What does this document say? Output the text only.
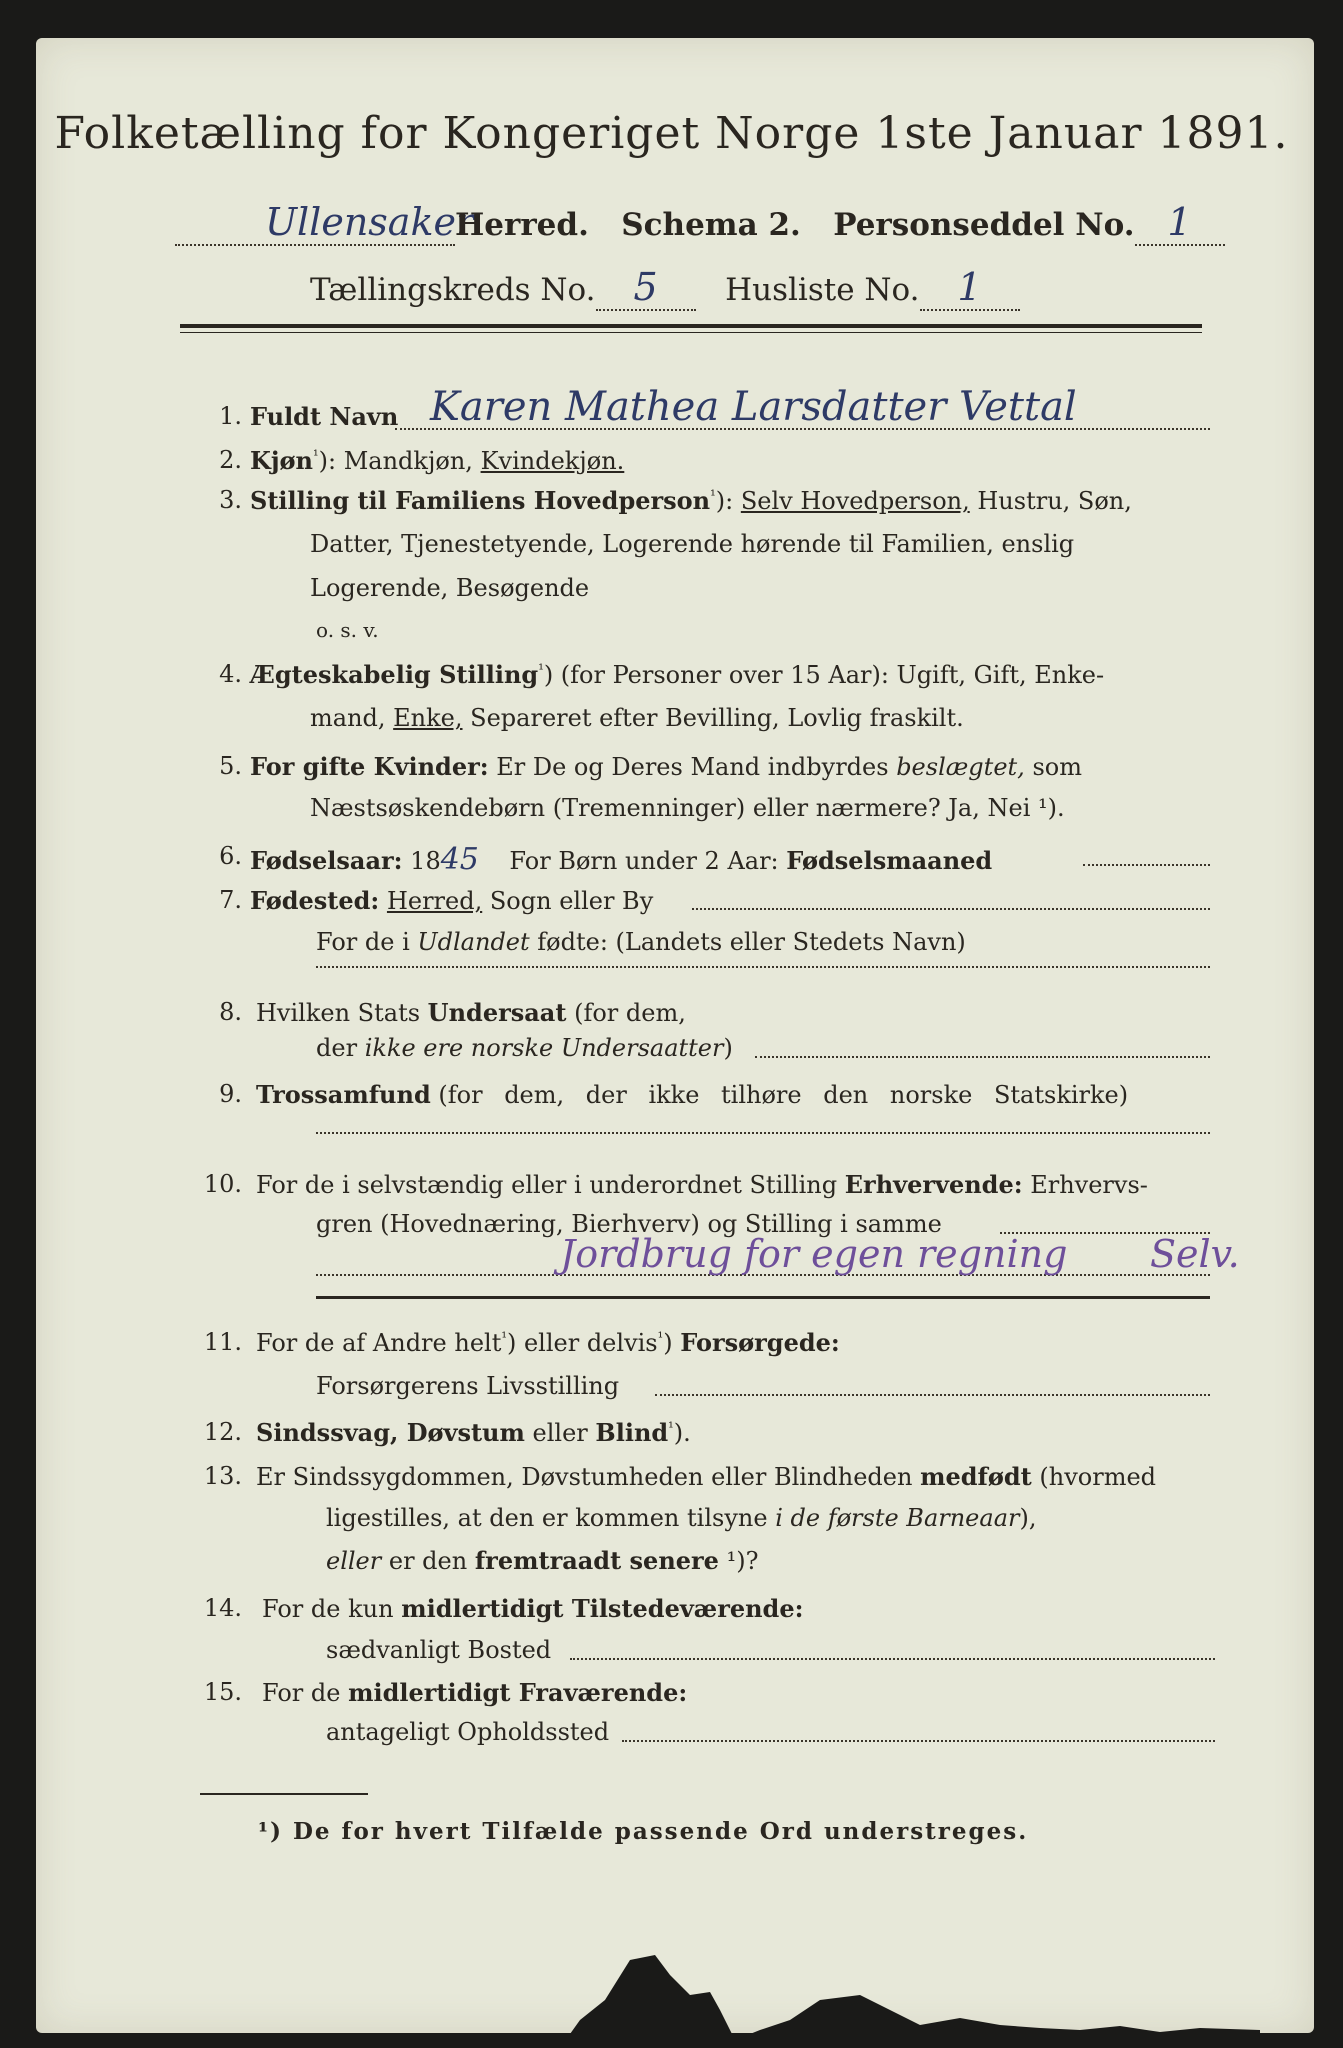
Folketælling for Kongeriget Norge 1ste Januar 1891.
UllensakerHerred. Schema 2. Personseddel No. 1
Tællingskreds No. 5 Husliste No. 1
1. Fuldt Navn Karen Mathea Larsdatter Vettal
2. Kjøn$^{^1}$): Mandkjøn, Kvindekjøn.
3. Stilling til Familiens Hovedperson$^{^1}$): Selv Hovedperson, Hustru, Søn,
Datter, Tjenestetyende, Logerende hørende til Familien, enslig
Logerende, Besøgende
o. s. v.
4. Ægteskabelig Stilling$^{^1}$) (for Personer over 15 Aar): Ugift, Gift, Enke-
mand, Enke, Separeret efter Bevilling, Lovlig fraskilt.
5. For gifte Kvinder: Er De og Deres Mand indbyrdes beslægtet, som
Næstsøskendebørn (Tremenninger) eller nærmere? Ja, Nei ¹).
6. Fødselsaar: 1845 For Børn under 2 Aar: Fødselsmaaned
7. Fødested: Herred, Sogn eller By
For de i Udlandet fødte: (Landets eller Stedets Navn)
8. Hvilken Stats Undersaat (for dem,
der ikke ere norske Undersaatter)
9. Trossamfund (for dem, der ikke tilhøre den norske Statskirke)
10. For de i selvstændig eller i underordnet Stilling Erhvervende: Erhvervs-
gren (Hovednæring, Bierhverv) og Stilling i samme
Jordbrug for egen regning Selv.
11. For de af Andre helt$^{^1}$) eller delvis$^{^1}$) Forsørgede:
Forsørgerens Livsstilling
12. Sindssvag, Døvstum eller Blind$^{^1}$).
13. Er Sindssygdommen, Døvstumheden eller Blindheden medfødt (hvormed
ligestilles, at den er kommen tilsyne i de første Barneaar),
eller er den fremtraadt senere ¹)?
14. For de kun midlertidigt Tilstedeværende:
sædvanligt Bosted
15. For de midlertidigt Fraværende:
antageligt Opholdssted
¹) De for hvert Tilfælde passende Ord understreges.
